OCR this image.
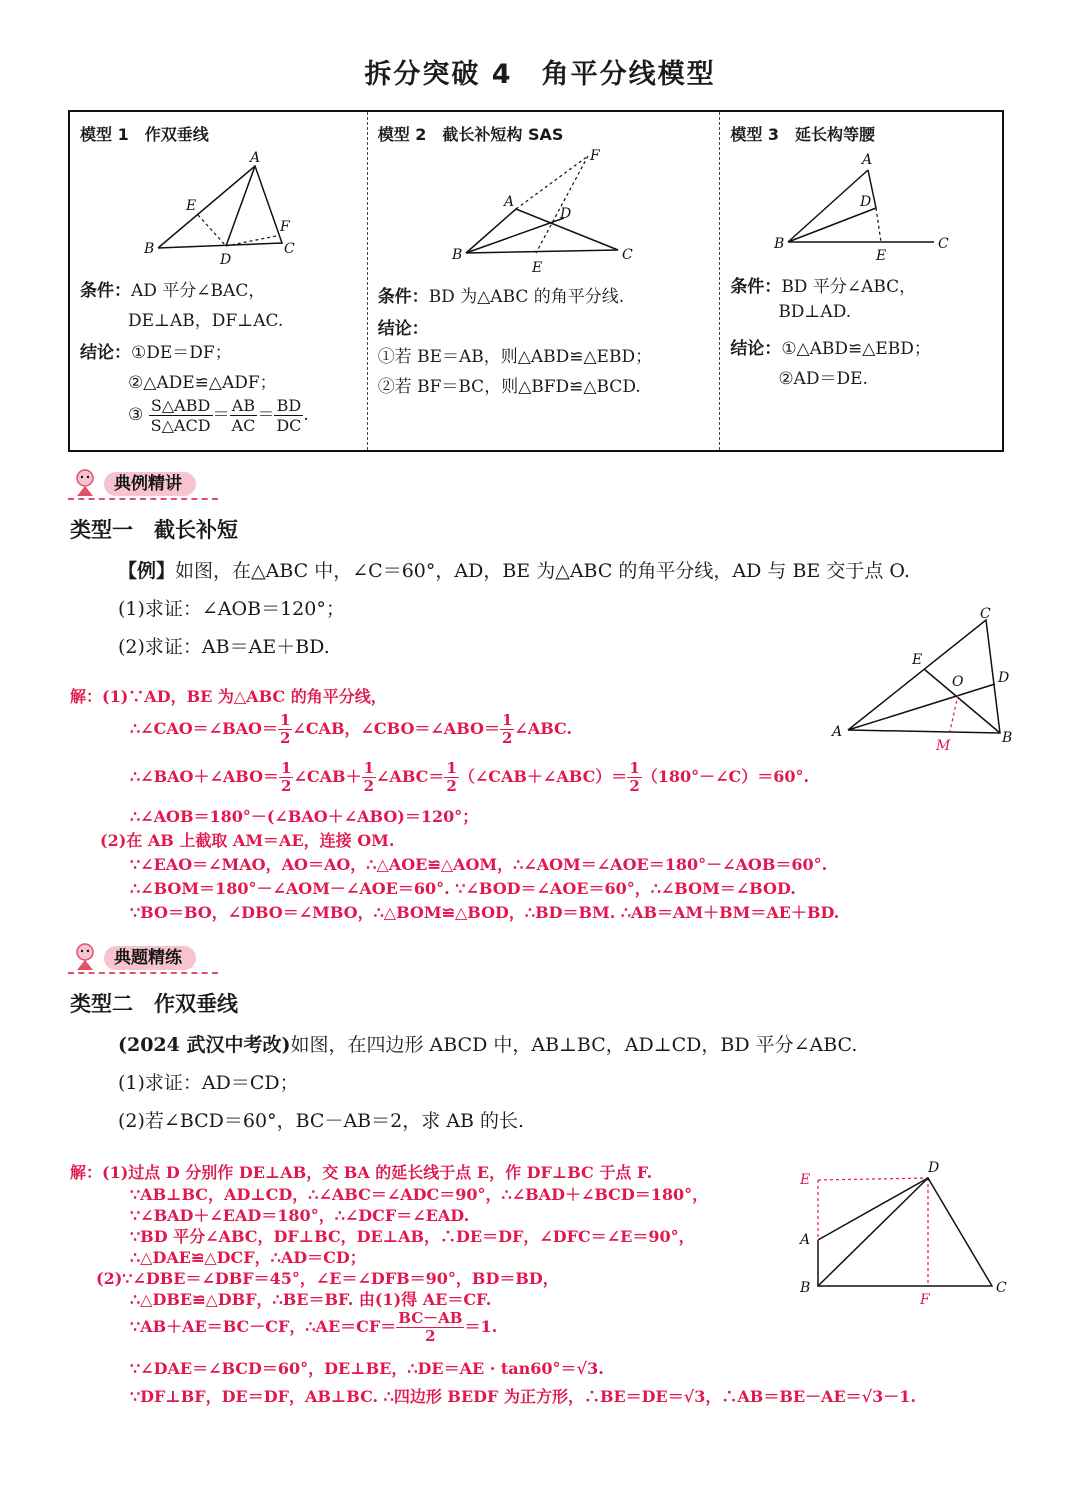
拆分突破 4　角平分线模型
模型 1　作双垂线
A
E
F
B
D
C
条件：AD 平分∠BAC，
DE⊥AB，DF⊥AC.
结论：①DE＝DF；
②△ADE≌△ADF；
③ $\frac{\text{S△ABD}}{\text{S△ACD}} = \frac{AB}{AC} = \frac{BD}{DC}$ .
模型 2　截长补短构 SAS
F
A
D
B
E
C
条件：BD 为△ABC 的角平分线.
结论：
①若 BE＝AB，则△ABD≌△EBD；
②若 BF＝BC，则△BFD≌△BCD.
模型 3　延长构等腰
A
D
B
E
C
条件：BD 平分∠ABC，
BD⊥AD.
结论：①△ABD≌△EBD；
②AD＝DE.
典例精讲
类型一　截长补短
【例】如图，在△ABC 中，∠C＝60°，AD，BE 为△ABC 的角平分线，AD 与 BE 交于点 O.
(1)求证：∠AOB＝120°；
(2)求证：AB＝AE＋BD.
C
E
D
O
A
M	B
解：(1)∵AD，BE 为△ABC 的角平分线，
∴∠CAO＝∠BAO＝ $\frac{1}{2}$ ∠CAB，∠CBO＝∠ABO＝ $\frac{1}{2}$ ∠ABC.
∴∠BAO＋∠ABO＝ $\frac{1}{2}$ ∠CAB＋ $\frac{1}{2}$ ∠ABC＝ $\frac{1}{2}$ （∠CAB＋∠ABC）＝ $\frac{1}{2}$ （180°－∠C）＝60°.
∴∠AOB＝180°－(∠BAO＋∠ABO)＝120°；
(2)在 AB 上截取 AM＝AE，连接 OM.
∵∠EAO＝∠MAO，AO＝AO，∴△AOE≌△AOM，∴∠AOM＝∠AOE＝180°－∠AOB＝60°.
∴∠BOM＝180°－∠AOM－∠AOE＝60°. ∵∠BOD＝∠AOE＝60°，∴∠BOM＝∠BOD.
∵BO＝BO，∠DBO＝∠MBO，∴△BOM≌△BOD，∴BD＝BM. ∴AB＝AM＋BM＝AE＋BD.
典题精练
类型二　作双垂线
(2024 武汉中考改)如图，在四边形 ABCD 中，AB⊥BC，AD⊥CD，BD 平分∠ABC.
(1)求证：AD＝CD；
(2)若∠BCD＝60°，BC－AB＝2，求 AB 的长.
E
D
A
B
F
C
解：(1)过点 D 分别作 DE⊥AB，交 BA 的延长线于点 E，作 DF⊥BC 于点 F.
∵AB⊥BC，AD⊥CD，∴∠ABC＝∠ADC＝90°，∴∠BAD＋∠BCD＝180°，
∵∠BAD＋∠EAD＝180°，∴∠DCF＝∠EAD.
∵BD 平分∠ABC，DF⊥BC，DE⊥AB，∴DE＝DF，∠DFC＝∠E＝90°，
∴△DAE≌△DCF，∴AD＝CD；
(2)∵∠DBE＝∠DBF＝45°，∠E＝∠DFB＝90°，BD＝BD，
∴△DBE≌△DBF，∴BE＝BF. 由(1)得 AE＝CF.
∵AB＋AE＝BC－CF，∴AE＝CF＝ $\frac{BC-AB}{2} =1$.
∵∠DAE＝∠BCD＝60°，DE⊥BE，∴DE＝AE · tan60°＝√3.
∵DF⊥BF，DE＝DF，AB⊥BC. ∴四边形 BEDF 为正方形，∴BE＝DE＝√3，∴AB＝BE－AE＝√3－1.
